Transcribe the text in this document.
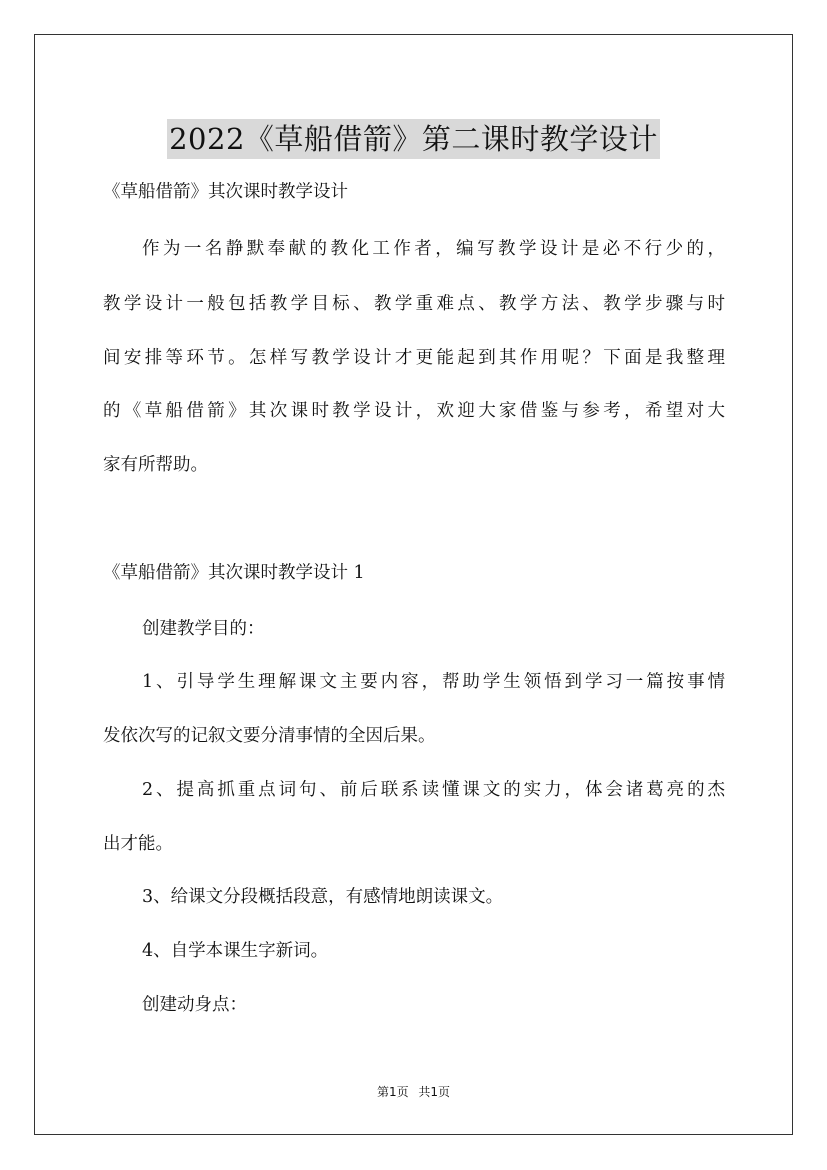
2022《草船借箭》第二课时教学设计
《草船借箭》其次课时教学设计
作为一名静默奉献的教化工作者，编写教学设计是必不行少的，
教学设计一般包括教学目标、教学重难点、教学方法、教学步骤与时
间安排等环节。怎样写教学设计才更能起到其作用呢？下面是我整理
的《草船借箭》其次课时教学设计，欢迎大家借鉴与参考，希望对大
家有所帮助。
《草船借箭》其次课时教学设计 1
创建教学目的：
1、引导学生理解课文主要内容，帮助学生领悟到学习一篇按事情
发依次写的记叙文要分清事情的全因后果。
2、提高抓重点词句、前后联系读懂课文的实力，体会诸葛亮的杰
出才能。
3、给课文分段概括段意，有感情地朗读课文。
4、自学本课生字新词。
创建动身点：
第1页 共1页
